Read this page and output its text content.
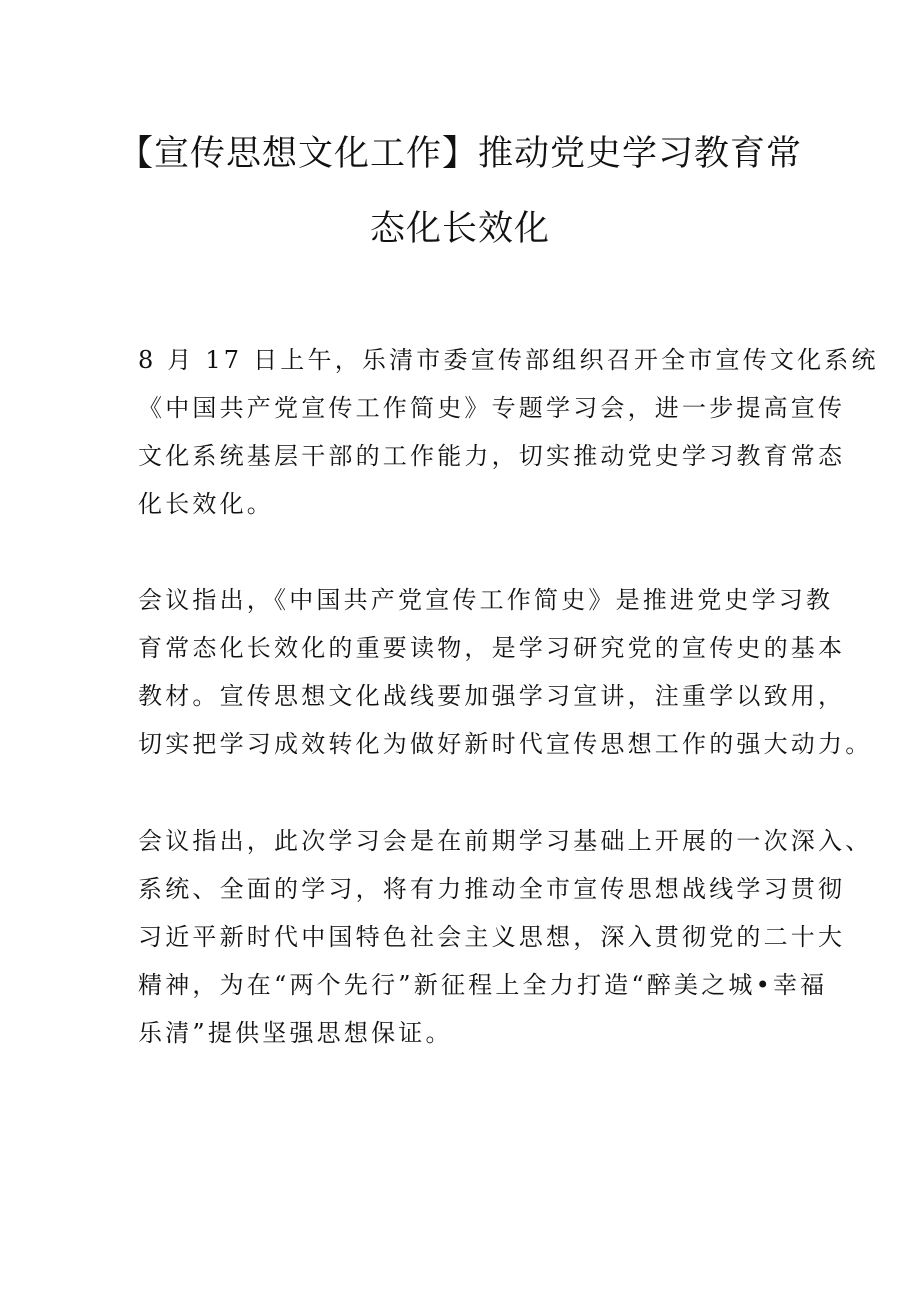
【宣传思想文化工作】推动党史学习教育常
态化长效化

8 月 17 日上午，乐清市委宣传部组织召开全市宣传文化系统
《中国共产党宣传工作简史》专题学习会，进一步提高宣传
文化系统基层干部的工作能力，切实推动党史学习教育常态
化长效化。

会议指出，《中国共产党宣传工作简史》是推进党史学习教
育常态化长效化的重要读物，是学习研究党的宣传史的基本
教材。宣传思想文化战线要加强学习宣讲，注重学以致用，
切实把学习成效转化为做好新时代宣传思想工作的强大动力。

会议指出，此次学习会是在前期学习基础上开展的一次深入、
系统、全面的学习，将有力推动全市宣传思想战线学习贯彻
习近平新时代中国特色社会主义思想，深入贯彻党的二十大
精神，为在“两个先行”新征程上全力打造“醉美之城•幸福
乐清”提供坚强思想保证。
